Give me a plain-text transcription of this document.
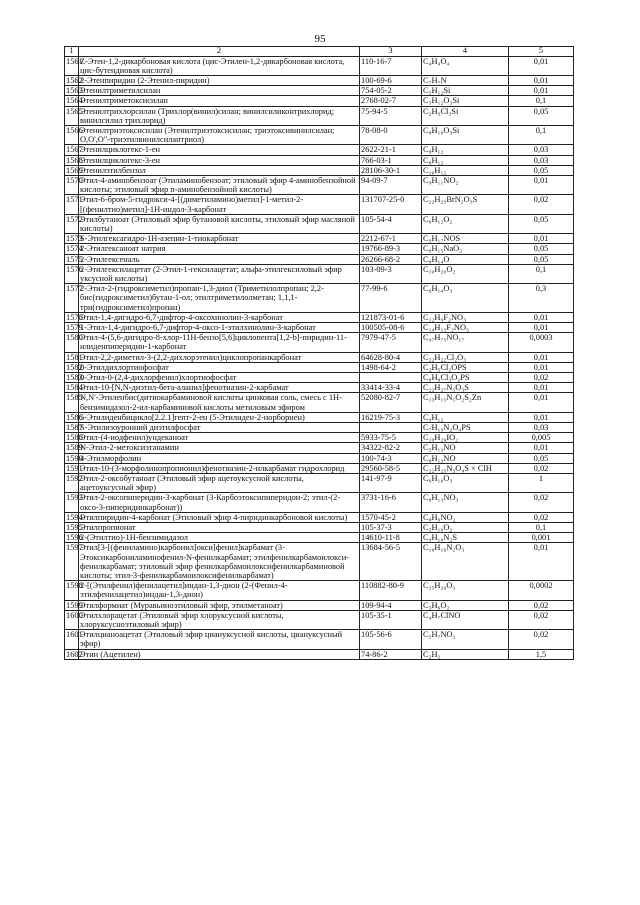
95
1	2	3	4	5
1561	Z-Этен-1,2-дикарбоновая кислота (цис-Этилен-1,2-дикарбоновая кислота, цис-бутендиовая кислота)	110-16-7	C₄H₄O₄	0,01
1562	2-Этенпиридин (2-Этенил-пиридин)	100-69-6	C₇H₇N	0,01
1563	Этенилтриметилсилан	754-05-2	C₅H₁₂Si	0,01
1564	Этенилтриметоксисилан	2768-02-7	C₅H₁₂O₃Si	0,1
1565	Этенилтрихлорсилан (Трихлор(винил)силан; винилсиликонтрихлорид; винилсилил трихлорид)	75-94-5	C₂H₃Cl₃Si	0,05
1566	Этенилтриэтоксисилан (Этенилтриэтоксисилан; триэтоксивинилсилан; О,О',О"-триэтилвинилсилантриол)	78-08-0	C₈H₁₈O₃Si	0,1
1567	Этенилциклогекс-1-ен	2622-21-1	C₈H₁₂	0,03
1568	Этенилциклогекс-3-ен	766-03-1	C₈H₁₂	0,03
1569	Этенилэтилбензол	28106-30-1	C₁₀H₁₂	0,05
1570	Этил-4-аминобензоат (Этиламинобензоат; этиловый эфир 4-аминобензойной кислоты; этиловый эфир п-аминобензойной кислоты)	94-09-7	C₉H₁₁NO₂	0,01
1571	Этил-6-бром-5-гидрокси-4-[(диметиламино)метил]-1-метил-2-[(фенилтио)метил]-1Н-индол-3-карбонат	131707-25-0	C₂₂H₂₅BrN₂O₃S	0,02
1572	Этилбутаноат (Этиловый эфир бутановой кислоты, этиловый эфир масляной кислоты)	105-54-4	C₆H₁₂O₂	0,05
1573	S-Этилгексагидро-1Н-азепин-1-тиокарбонат	2212-67-1	C₉H₁₇NOS	0,01
1574	2-Этилгексаноат натрия	19766-89-3	C₈H₁₅NaO₂	0,05
1575	2-Этилгексеналь	26266-68-2	C₈H₁₄O	0,05
1576	2-Этилгексилацетат (2-Этил-1-гексилацетат; альфа-этилгексиловый эфир уксусной кислоты)	103-09-3	C₁₀H₂₀O₂	0,1
1577	2-Этил-2-(гидроксиметил)пропан-1,3-диол (Триметилолпропан; 2,2-бис(гидроксиметил)бутан-1-ол; этилтриметилолметан; 1,1,1-три(гидроксиметил)пропан)	77-99-6	C₆H₁₄O₃	0,3
1578	Этил-1,4-дигидро-6,7-дифтор-4-оксохинолин-3-карбонат	121873-01-6	C₁₂H₉F₂NO₃	0,01
1579	1-Этил-1,4-дигидро-6,7-дифтор-4-оксо-1-этилхинолин-3-карбонат	100505-08-6	C₁₄H₁₃F₂NO₃	0,01
1580	Этил-4-(5,6-дигидро-8-хлор-11Н-бензо[5,6]циклопента[1,2-b]-пиридин-11-илиденпиперидин-1-карбонат	7979-47-5	C₄₇H₇₅NO₁₇	0,0003
1581	Этил-2,2-диметил-3-(2,2-дихлорэтенил)циклопропанкарбонат	64628-80-4	C₂₂H₂₂Cl₂O₃	0,01
1582	0-Этилдихлортиофосфат	1498-64-2	C₂H₅Cl₂OPS	0,01
1583	0-Этил-0-(2,4-дихлорфенил)хлортиофосфат		C₈H₈Cl₃O₂PS	0,02
1584	Этил-10-[N,N-диэтил-бета-аланил]фенотиазин-2-карбамат	33414-33-4	C₂₂H₂₇N₃O₃S	0,01
1585	N,N'-Этиленбис(дитиокарбаминовой кислоты цинковая соль, смесь с 1Н-бензимидазол-2-ил-карбаминовой кислоты метиловым эфиром	52080-82-7	C₁₃H₁₅N₅O₂S₂Zn	0,01
1586	5-Этилиденбицикло[2.2.1]гепт-2-ен (5-Этилиден-2-норборнен)	16219-75-3	C₉H₁₂	0,01
1587	S-Этилизоуронний диэтилфосфат		C₇H₁₉N₂O₄PS	0,03
1588	Этил-(4-иодфенил)ундеканоат	5933-75-5	C₁₉H₂₉IO₂	0,005
1589	N-Этил-2-метоксиэтанамин	34322-82-2	C₅H₁₃NO	0,01
1590	4-Этилморфолин	100-74-3	C₆H₁₃NO	0,05
1591	Этил-10-(3-морфолинопропионил)фенотиазин-2-илкарбамат гидрохлорид	29560-58-5	C₂₂H₂₅N₃O₄S × ClH	0,02
1592	Этил-2-оксобутаноат (Этиловый эфир ацетоуксусной кислоты, ацетоуксусный эфир)	141-97-9	C₆H₁₀O₃	1
1593	Этил-2-оксопиперидин-3-карбонат (3-Карбоэтоксипиперидон-2; этил-(2-оксо-3-пиперидинкарбонат))	3731-16-6	C₈H₁₃NO₃	0,02
1594	Этилпиридин-4-карбонат (Этиловый эфир 4-пиридинкарбоновой кислоты)	1570-45-2	C₈H₉NO₂	0,02
1595	Этилпропионат	105-37-3	C₅H₁₀O₂	0,1
1596	2-(Этилтио)-1Н-бензимидазол	14610-11-8	C₉H₁₀N₂S	0,001
1597	Этил[3-[(фениламино)карбонил]окси]фенил]карбамат (3-Этоксикарбониламинофенил-N-фенилкарбамат; этилфенилкарбамоилокси- фенилкарбамат; этиловый эфир фенилкарбамоилоксифенилкарбаминовой кислоты; этил-3-фенилкарбамоилоксифенилкарбамат)	13684-56-5	C₁₆H₁₆N₂O₃	0,01
1598	2-[(Этилфенил)фенилацетил]индан-1,3-дион (2-(Фенил-4-этилфенилацетил)индан-1,3-дион)	110882-80-9	C₂₅H₂₀O₃	0,0002
1599	Этилформиат (Муравьиноэтиловый эфир, этилметаноат)	109-94-4	C₃H₆O₂	0,02
1600	Этилхлорацетат (Этиловый эфир хлоруксусной кислоты, хлоруксусноэтиловый эфир)	105-35-1	C₄H₇ClNO	0,02
1601	Этилцианоацетат (Этиловый эфир циануксусной кислоты, циануксусный эфир)	105-56-6	C₅H₇NO₂	0,02
1602	Этин (Ацетилен)	74-86-2	C₂H₂	1,5
